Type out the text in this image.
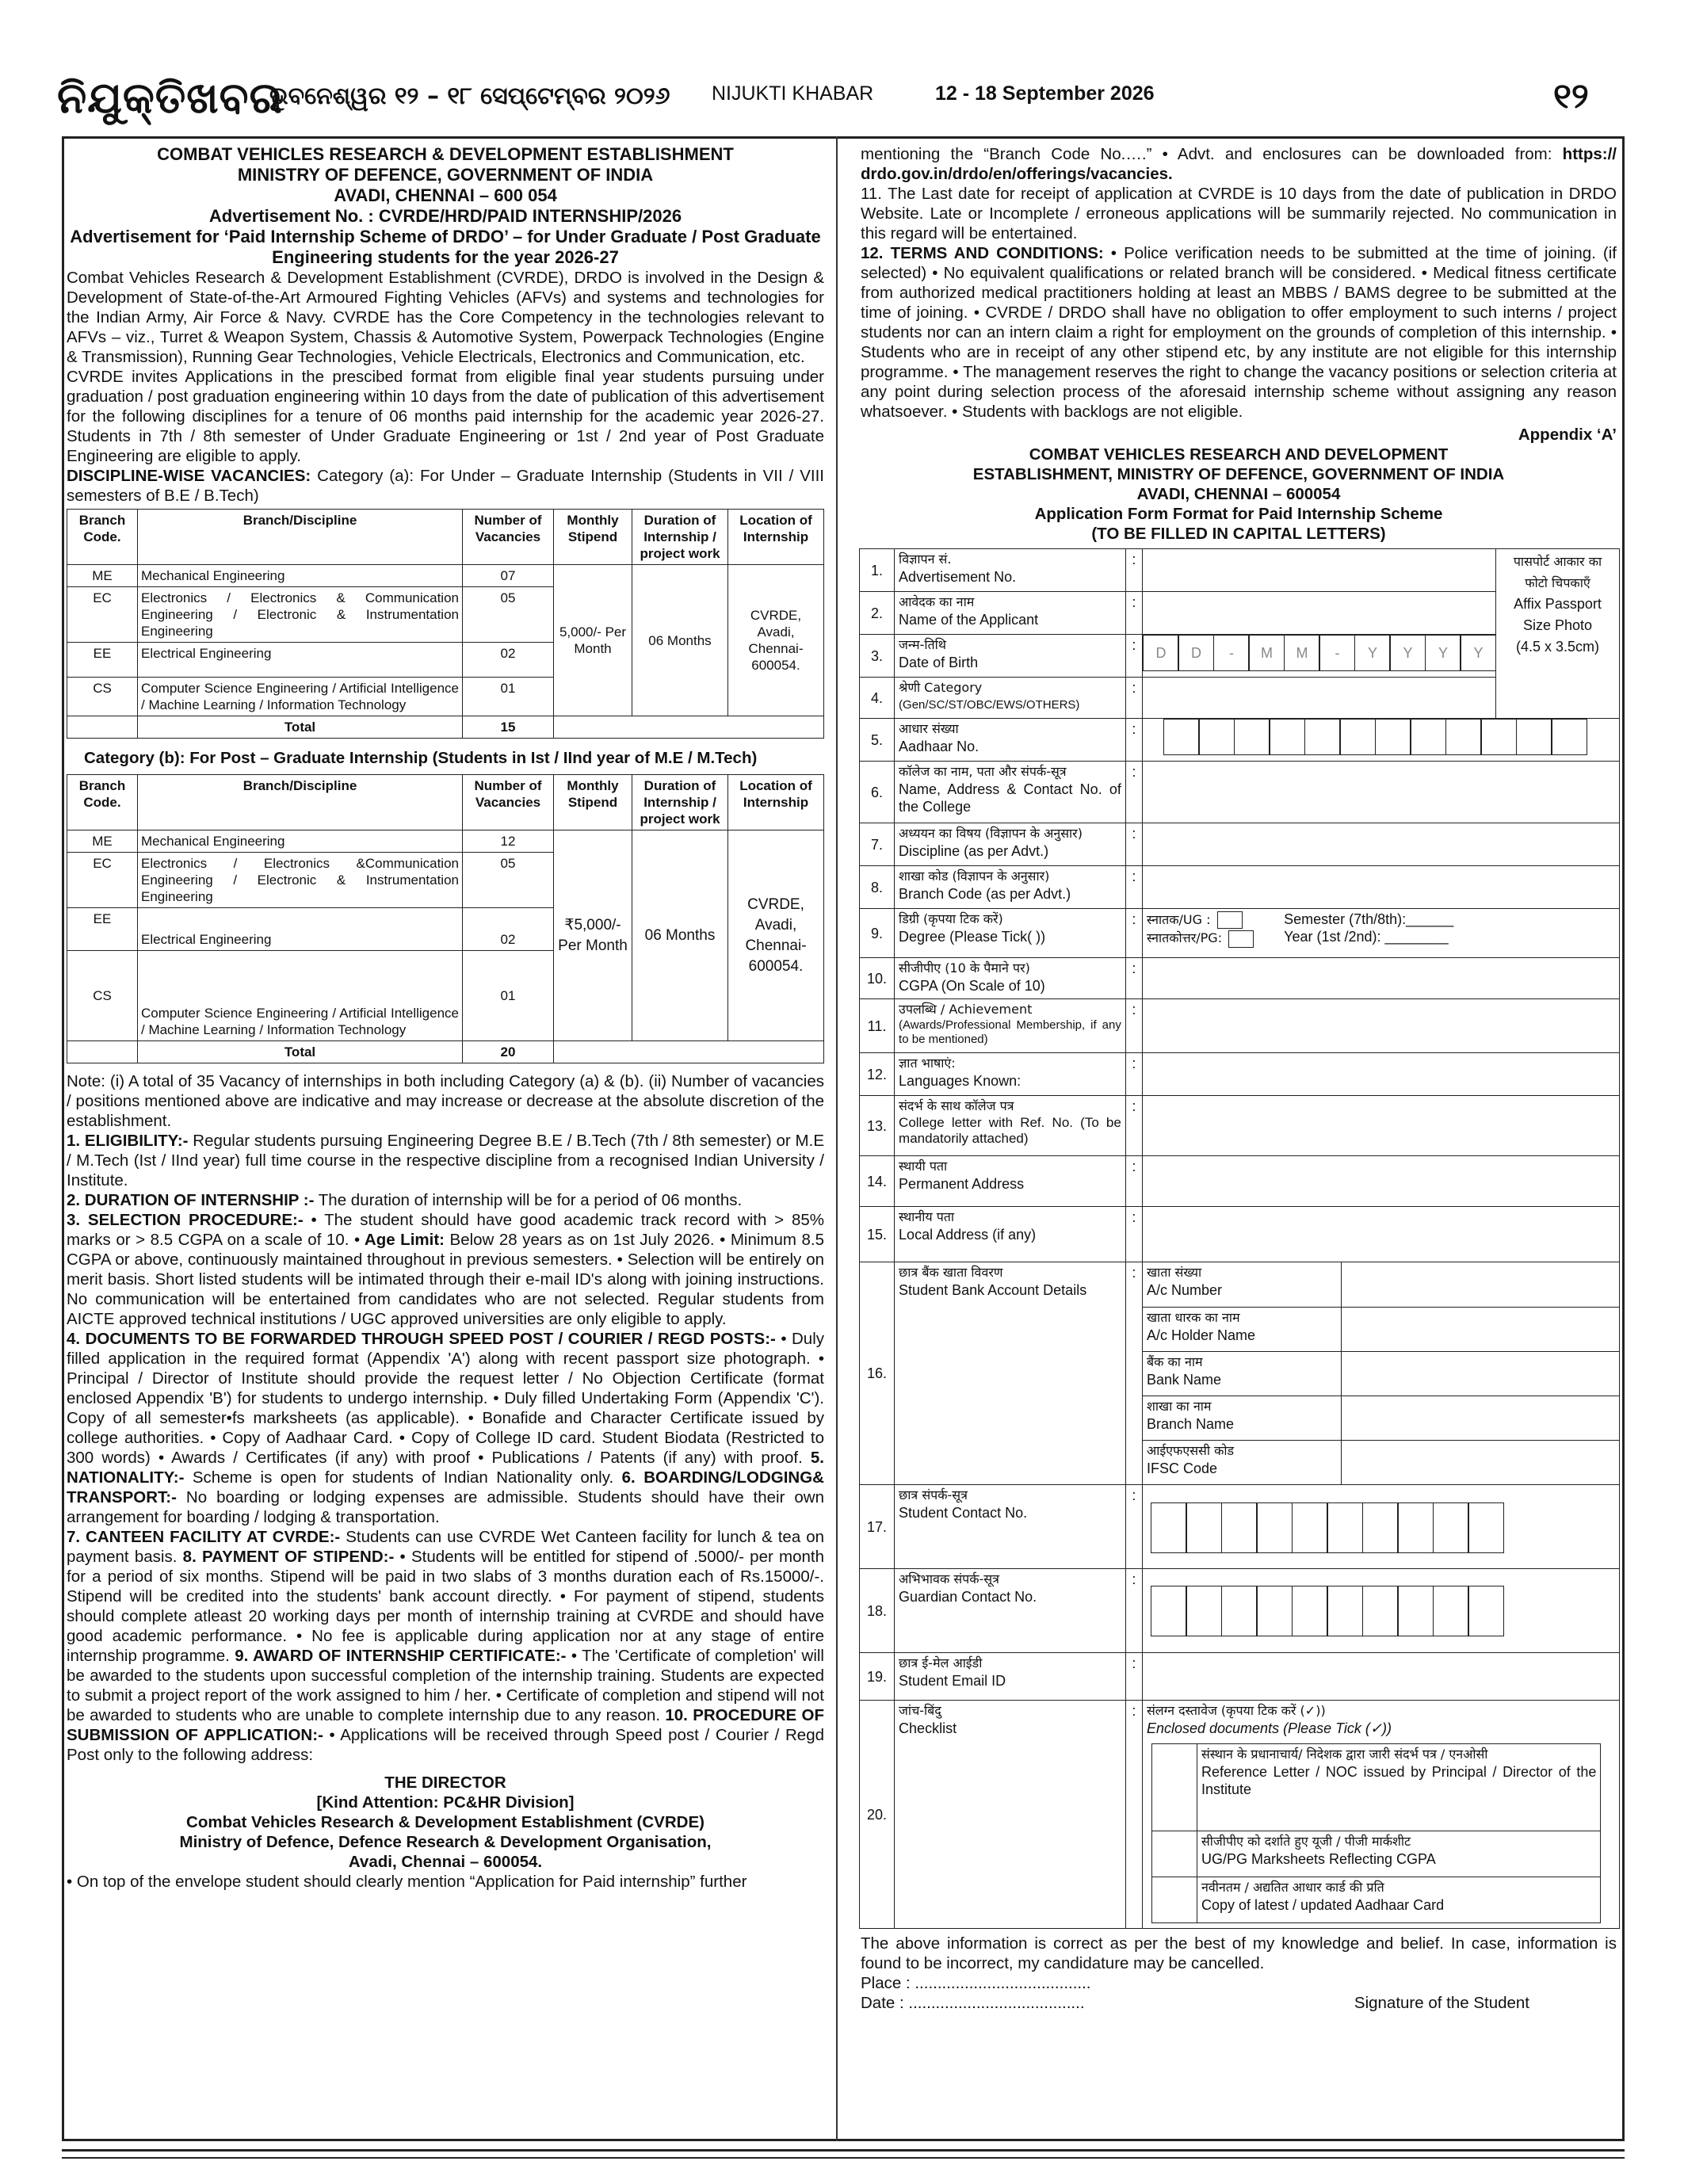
ନିଯୁକ୍ତିଖବର
ଭୁବନେଶ୍ୱର ୧୨ – ୧୮ ସେପ୍ଟେମ୍ବର ୨୦୨୬ NIJUKTI KHABAR	12 - 18 September 2026	୧୨

COMBAT VEHICLES RESEARCH & DEVELOPMENT ESTABLISHMENT

MINISTRY OF DEFENCE, GOVERNMENT OF INDIA

AVADI, CHENNAI – 600 054

Advertisement No. : CVRDE/HRD/PAID INTERNSHIP/2026

Advertisement for ‘Paid Internship Scheme of DRDO’ – for Under Graduate / Post Graduate Engineering students for the year 2026-27

Combat Vehicles Research & Development Establishment (CVRDE), DRDO is involved in the Design & Development of State-of-the-Art Armoured Fighting Vehicles (AFVs) and systems and technologies for the Indian Army, Air Force & Navy. CVRDE has the Core Competency in the technologies relevant to AFVs – viz., Turret & Weapon System, Chassis & Automotive System, Powerpack Technologies (Engine & Transmission), Running Gear Technologies, Vehicle Electricals, Electronics and Communication, etc.

CVRDE invites Applications in the prescibed format from eligible final year students pursuing under graduation / post graduation engineering within 10 days from the date of publication of this advertisement for the following disciplines for a tenure of 06 months paid internship for the academic year 2026-27. Students in 7th / 8th semester of Under Graduate Engineering or 1st / 2nd year of Post Graduate Engineering are eligible to apply.

DISCIPLINE-WISE VACANCIES: Category (a): For Under – Graduate Internship (Students in VII / VIII semesters of B.E / B.Tech)

Branch Code.	Branch/Discipline	Number of Vacancies	Monthly Stipend	Duration of Internship / project work	Location of Internship
ME	Mechanical Engineering	07	5,000/- Per Month	06 Months	CVRDE, Avadi, Chennai- 600054.
EC	Electronics / Electronics & Communication Engineering / Electronic & Instrumentation Engineering	05			
EE	Electrical Engineering	02			
CS	Computer Science Engineering / Artificial Intelligence / Machine Learning / Information Technology	01			
	Total	15			

Category (b): For Post – Graduate Internship (Students in Ist / IInd year of M.E / M.Tech)

Branch Code.	Branch/Discipline	Number of Vacancies	Monthly Stipend	Duration of Internship / project work	Location of Internship
ME	Mechanical Engineering	12	₹5,000/- Per Month	06 Months	CVRDE, Avadi, Chennai- 600054.
EC	Electronics / Electronics &Communication Engineering / Electronic & Instrumentation Engineering	05			
EE	Electrical Engineering	02			
CS	Computer Science Engineering / Artificial Intelligence / Machine Learning / Information Technology	01			
	Total	20			

Note: (i) A total of 35 Vacancy of internships in both including Category (a) & (b). (ii) Number of vacancies / positions mentioned above are indicative and may increase or decrease at the absolute discretion of the establishment.

1. ELIGIBILITY:- Regular students pursuing Engineering Degree B.E / B.Tech (7th / 8th semester) or M.E / M.Tech (Ist / IInd year) full time course in the respective discipline from a recognised Indian University / Institute.

2. DURATION OF INTERNSHIP :- The duration of internship will be for a period of 06 months.

3. SELECTION PROCEDURE:- • The student should have good academic track record with > 85% marks or > 8.5 CGPA on a scale of 10. • Age Limit: Below 28 years as on 1st July 2026. • Minimum 8.5 CGPA or above, continuously maintained throughout in previous semesters. • Selection will be entirely on merit basis. Short listed students will be intimated through their e-mail ID's along with joining instructions. No communication will be entertained from candidates who are not selected. Regular students from AICTE approved technical institutions / UGC approved universities are only eligible to apply.

4. DOCUMENTS TO BE FORWARDED THROUGH SPEED POST / COURIER / REGD POSTS:- • Duly filled application in the required format (Appendix 'A') along with recent passport size photograph. • Principal / Director of Institute should provide the request letter / No Objection Certificate (format enclosed Appendix 'B') for students to undergo internship. • Duly filled Undertaking Form (Appendix 'C'). Copy of all semester•fs marksheets (as applicable). • Bonafide and Character Certificate issued by college authorities. • Copy of Aadhaar Card. • Copy of College ID card. Student Biodata (Restricted to 300 words) • Awards / Certificates (if any) with proof • Publications / Patents (if any) with proof. 5. NATIONALITY:- Scheme is open for students of Indian Nationality only. 6. BOARDING/LODGING& TRANSPORT:- No boarding or lodging expenses are admissible. Students should have their own arrangement for boarding / lodging & transportation.

7. CANTEEN FACILITY AT CVRDE:- Students can use CVRDE Wet Canteen facility for lunch & tea on payment basis. 8. PAYMENT OF STIPEND:- • Students will be entitled for stipend of .5000/- per month for a period of six months. Stipend will be paid in two slabs of 3 months duration each of Rs.15000/-. Stipend will be credited into the students' bank account directly. • For payment of stipend, students should complete atleast 20 working days per month of internship training at CVRDE and should have good academic performance. • No fee is applicable during application nor at any stage of entire internship programme. 9. AWARD OF INTERNSHIP CERTIFICATE:- • The 'Certificate of completion' will be awarded to the students upon successful completion of the internship training. Students are expected to submit a project report of the work assigned to him / her. • Certificate of completion and stipend will not be awarded to students who are unable to complete internship due to any reason. 10. PROCEDURE OF SUBMISSION OF APPLICATION:- • Applications will be received through Speed post / Courier / Regd Post only to the following address:

THE DIRECTOR

[Kind Attention: PC&HR Division]

Combat Vehicles Research & Development Establishment (CVRDE)

Ministry of Defence, Defence Research & Development Organisation,

Avadi, Chennai – 600054.

• On top of the envelope student should clearly mention “Application for Paid internship” further

mentioning the “Branch Code No.….” • Advt. and enclosures can be downloaded from: https:// drdo.gov.in/drdo/en/offerings/vacancies.

11. The Last date for receipt of application at CVRDE is 10 days from the date of publication in DRDO Website. Late or Incomplete / erroneous applications will be summarily rejected. No communication in this regard will be entertained.

12. TERMS AND CONDITIONS: • Police verification needs to be submitted at the time of joining. (if selected) • No equivalent qualifications or related branch will be considered. • Medical fitness certificate from authorized medical practitioners holding at least an MBBS / BAMS degree to be submitted at the time of joining. • CVRDE / DRDO shall have no obligation to offer employment to such interns / project students nor can an intern claim a right for employment on the grounds of completion of this internship. • Students who are in receipt of any other stipend etc, by any institute are not eligible for this internship programme. • The management reserves the right to change the vacancy positions or selection criteria at any point during selection process of the aforesaid internship scheme without assigning any reason whatsoever. • Students with backlogs are not eligible.

Appendix ‘A’

COMBAT VEHICLES RESEARCH AND DEVELOPMENT

ESTABLISHMENT, MINISTRY OF DEFENCE, GOVERNMENT OF INDIA

AVADI, CHENNAI – 600054

Application Form Format for Paid Internship Scheme

(TO BE FILLED IN CAPITAL LETTERS)

1.	
विज्ञापन सं.
Advertisement No.
	:		पासपोर्ट आकार का फोटो चिपकाएँ
Affix Passport Size Photo
(4.5 x 3.5cm)

2.	
आवेदक का नाम
Name of the Applicant
	:	
3.	
जन्म-तिथि
Date of Birth
	:	D	D	-	M	M	-	Y	Y	Y	Y

4.	
श्रेणी Category
(Gen/SC/ST/OBC/EWS/OTHERS)
	:	
5.	
आधार संख्या
Aadhaar No.
	:	

6.	
कॉलेज का नाम, पता और संपर्क-सूत्र
Name, Address & Contact No. of the College
	:	
7.	
अध्ययन का विषय (विज्ञापन के अनुसार)
Discipline (as per Advt.)
	:	
8.	
शाखा कोड (विज्ञापन के अनुसार)
Branch Code (as per Advt.)
	:	
9.	
डिग्री (कृपया टिक करें)
Degree (Please Tick( ))
	:	स्नातक/UG :
स्नातकोत्तर/PG:
Semester (7th/8th):______
Year (1st /2nd): ________

10.	
सीजीपीए (10 के पैमाने पर)
CGPA (On Scale of 10)
	:	
11.	
उपलब्धि / Achievement
(Awards/Professional Membership, if any to be mentioned)
	:	
12.	
ज्ञात भाषाएं:
Languages Known:
	:	
13.	
संदर्भ के साथ कॉलेज पत्र
College letter with Ref. No. (To be mandatorily attached)
	:	
14.	
स्थायी पता
Permanent Address
	:	
15.	
स्थानीय पता
Local Address (if any)
	:	
16.	
छात्र बैंक खाता विवरण
Student Bank Account Details
	:	खाता संख्या
A/c Number

खाता धारक का नाम
A/c Holder Name

बैंक का नाम
Bank Name

शाखा का नाम
Branch Name

आईएफएससी कोड
IFSC Code

17.	
छात्र संपर्क-सूत्र
Student Contact No.
	:	

18.	
अभिभावक संपर्क-सूत्र
Guardian Contact No.
	:	

19.	
छात्र ई-मेल आईडी
Student Email ID
	:	
20.	
जांच-बिंदु
Checklist
	:	संलग्न दस्तावेज (कृपया टिक करें (✓))
Enclosed documents (Please Tick (✓))

संस्थान के प्रधानाचार्य/ निदेशक द्वारा जारी संदर्भ पत्र / एनओसी
Reference Letter / NOC issued by Principal / Director of the Institute

सीजीपीए को दर्शाते हुए यूजी / पीजी मार्कशीट
UG/PG Marksheets Reflecting CGPA

नवीनतम / अद्यतित आधार कार्ड की प्रति
Copy of latest / updated Aadhaar Card

The above information is correct as per the best of my knowledge and belief. In case, information is found to be incorrect, my candidature may be cancelled.

Place : .......................................

Date : .......................................	Signature of the Student
